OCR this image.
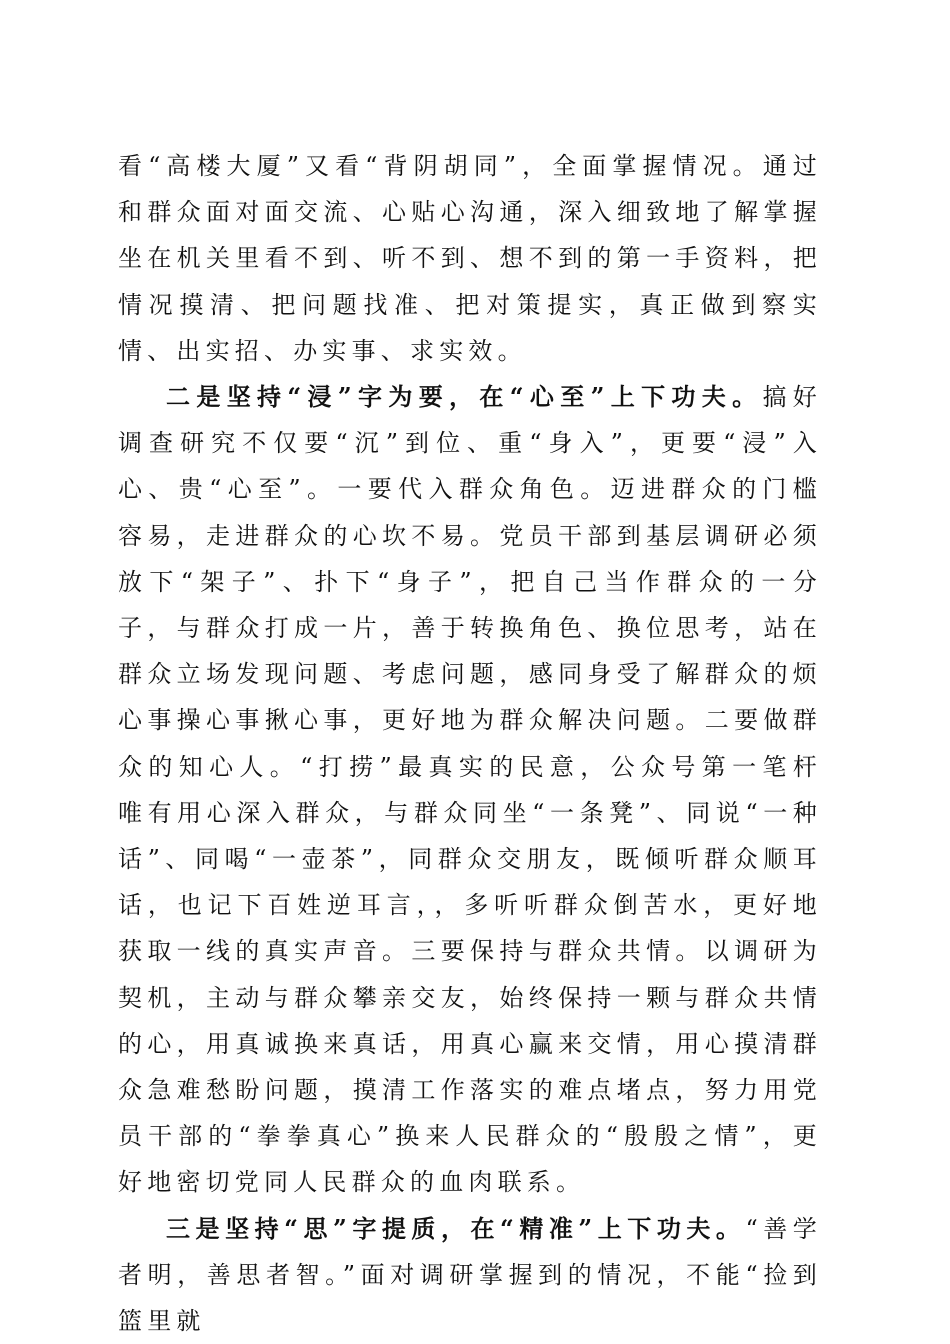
看“高楼大厦”又看“背阴胡同”，全面掌握情况。通过和群众面对面交流、心贴心沟通，深入细致地了解掌握坐在机关里看不到、听不到、想不到的第一手资料，把情况摸清、把问题找准、把对策提实，真正做到察实情、出实招、办实事、求实效。

二是坚持“浸”字为要，在“心至”上下功夫。搞好调查研究不仅要“沉”到位、重“身入”，更要“浸”入心、贵“心至”。一要代入群众角色。迈进群众的门槛容易，走进群众的心坎不易。党员干部到基层调研必须放下“架子”、扑下“身子”，把自己当作群众的一分子，与群众打成一片，善于转换角色、换位思考，站在群众立场发现问题、考虑问题，感同身受了解群众的烦心事操心事揪心事，更好地为群众解决问题。二要做群众的知心人。“打捞”最真实的民意，公众号第一笔杆唯有用心深入群众，与群众同坐“一条凳”、同说“一种话”、同喝“一壶茶”，同群众交朋友，既倾听群众顺耳话，也记下百姓逆耳言，，多听听群众倒苦水，更好地获取一线的真实声音。三要保持与群众共情。以调研为契机，主动与群众攀亲交友，始终保持一颗与群众共情的心，用真诚换来真话，用真心赢来交情，用心摸清群众急难愁盼问题，摸清工作落实的难点堵点，努力用党员干部的“拳拳真心”换来人民群众的“殷殷之情”，更好地密切党同人民群众的血肉联系。

三是坚持“思”字提质，在“精准”上下功夫。“善学者明，善思者智。”面对调研掌握到的情况，不能“捡到篮里就
